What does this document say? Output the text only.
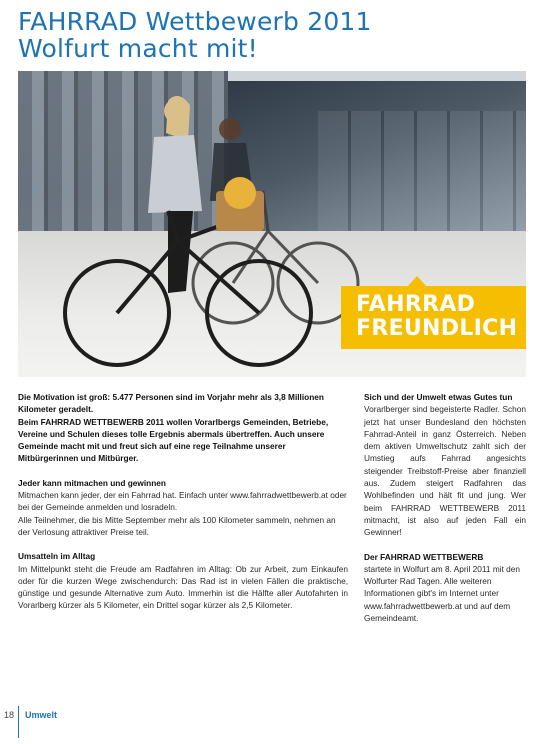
FAHRRAD Wettbewerb 2011
Wolfurt macht mit!
FAHRRAD
FREUNDLICH

Die Motivation ist groß: 5.477 Personen sind im Vorjahr mehr als 3,8 Millionen Kilometer geradelt.

Beim FAHRRAD WETTBEWERB 2011 wollen Vorarlbergs Gemeinden, Betriebe, Vereine und Schulen dieses tolle Ergebnis abermals übertreffen. Auch unsere Gemeinde macht mit und freut sich auf eine rege Teilnahme unserer Mitbürgerinnen und Mitbürger.

Jeder kann mitmachen und gewinnen

Mitmachen kann jeder, der ein Fahrrad hat. Einfach unter www.fahrradwettbewerb.at oder bei der Gemeinde anmelden und losradeln.

Alle Teilnehmer, die bis Mitte September mehr als 100 Kilometer sammeln, nehmen an der Verlosung attraktiver Preise teil.

Umsatteln im Alltag

Im Mittelpunkt steht die Freude am Radfahren im Alltag: Ob zur Arbeit, zum Einkaufen oder für die kurzen Wege zwischendurch: Das Rad ist in vielen Fällen die praktische, günstige und gesunde Alternative zum Auto. Immerhin ist die Hälfte aller Autofahrten in Vorarlberg kürzer als 5 Kilometer, ein Drittel sogar kürzer als 2,5 Kilometer.

Sich und der Umwelt etwas Gutes tun

Vorarlberger sind begeisterte Radler. Schon jetzt hat unser Bundesland den höchsten Fahrrad-Anteil in ganz Österreich. Neben dem aktiven Umweltschutz zahlt sich der Umstieg aufs Fahrrad angesichts steigender Treibstoff-Preise aber finanziell aus. Zudem steigert Radfahren das Wohlbefinden und hält fit und jung. Wer beim FAHRRAD WETTBEWERB 2011 mitmacht, ist also auf jeden Fall ein Gewinner!

Der FAHRRAD WETTBEWERB

startete in Wolfurt am 8. April 2011 mit den Wolfurter Rad Tagen. Alle weiteren Informationen gibt's im Internet unter www.fahrradwettbewerb.at und auf dem Gemeindeamt.

18 Umwelt
